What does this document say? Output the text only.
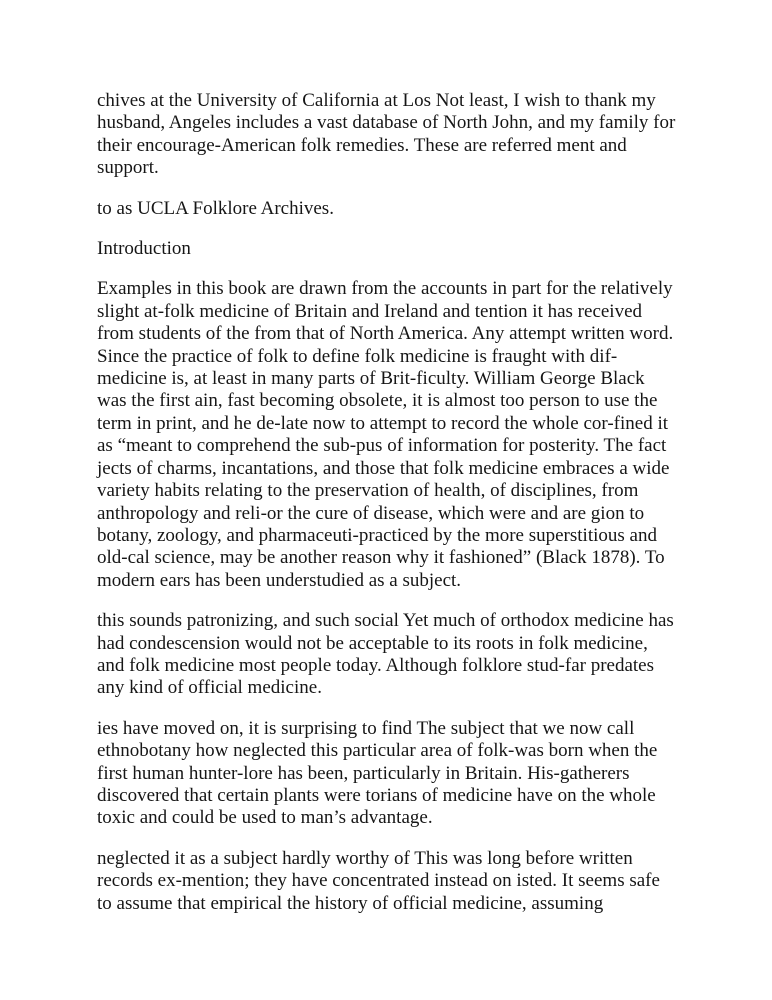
chives at the University of California at Los Not least, I wish to thank my
husband, Angeles includes a vast database of North John, and my family for
their encourage-American folk remedies. These are referred ment and
support.

to as UCLA Folklore Archives.

Introduction

Examples in this book are drawn from the accounts in part for the relatively
slight at-folk medicine of Britain and Ireland and tention it has received
from students of the from that of North America. Any attempt written word.
Since the practice of folk to define folk medicine is fraught with dif-
medicine is, at least in many parts of Brit-ficulty. William George Black
was the first ain, fast becoming obsolete, it is almost too person to use the
term in print, and he de-late now to attempt to record the whole cor-fined it
as “meant to comprehend the sub-pus of information for posterity. The fact
jects of charms, incantations, and those that folk medicine embraces a wide
variety habits relating to the preservation of health, of disciplines, from
anthropology and reli-or the cure of disease, which were and are gion to
botany, zoology, and pharmaceuti-practiced by the more superstitious and
old-cal science, may be another reason why it fashioned” (Black 1878). To
modern ears has been understudied as a subject.

this sounds patronizing, and such social Yet much of orthodox medicine has
had condescension would not be acceptable to its roots in folk medicine,
and folk medicine most people today. Although folklore stud-far predates
any kind of official medicine.

ies have moved on, it is surprising to find The subject that we now call
ethnobotany how neglected this particular area of folk-was born when the
first human hunter-lore has been, particularly in Britain. His-gatherers
discovered that certain plants were torians of medicine have on the whole
toxic and could be used to man’s advantage.

neglected it as a subject hardly worthy of This was long before written
records ex-mention; they have concentrated instead on isted. It seems safe
to assume that empirical the history of official medicine, assuming
